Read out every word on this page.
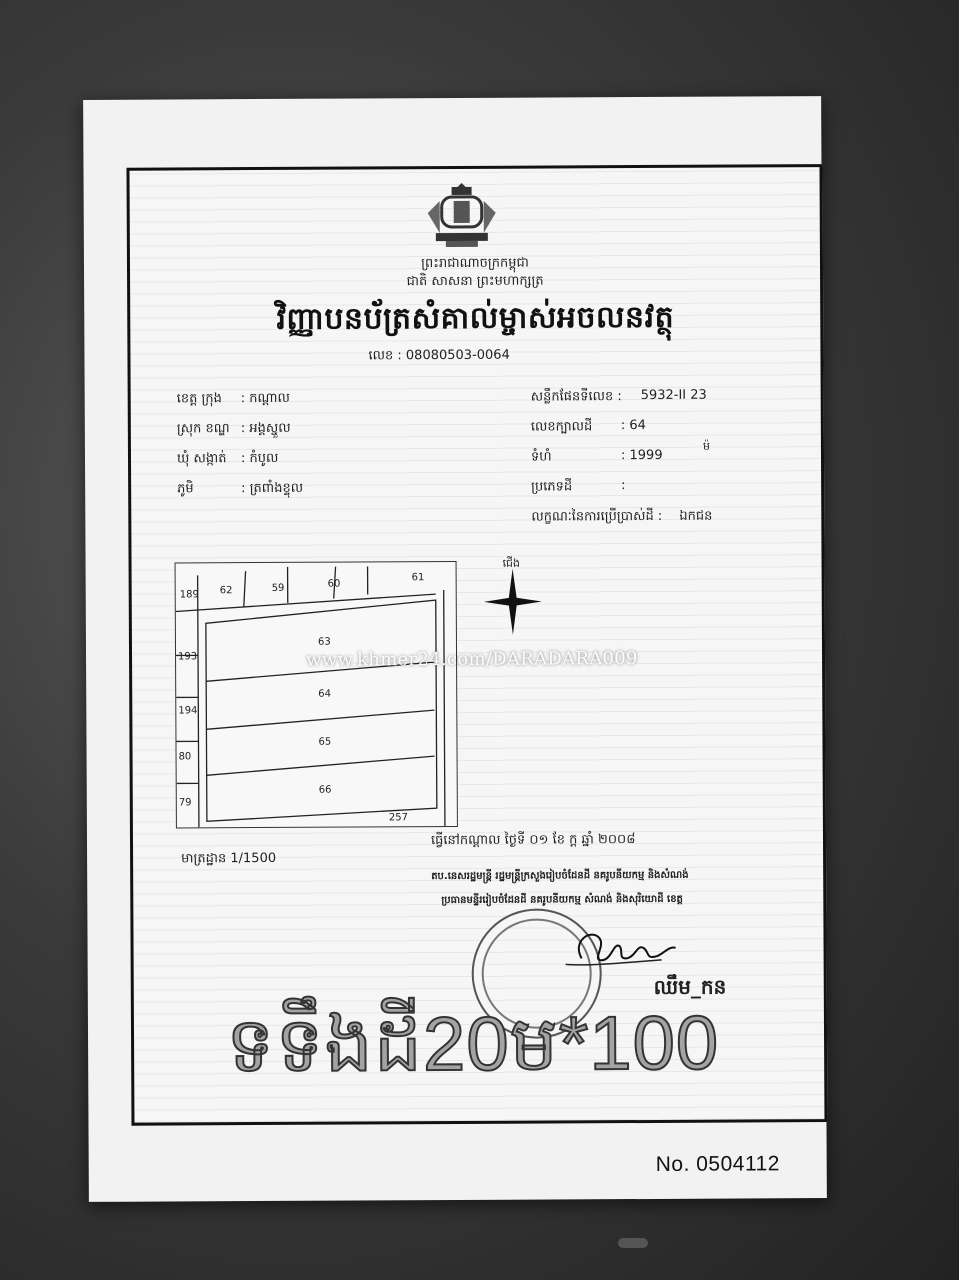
ព្រះរាជាណាចក្រកម្ពុជា
ជាតិ សាសនា ព្រះមហាក្សត្រ
វិញ្ញាបនប័ត្រសំគាល់ម្ចាស់អចលនវត្ថុ
លេខ : 08080503-0064
ខេត្ត ក្រុង : កណ្ដាល
ស្រុក ខណ្ឌ : អង្គស្នួល
ឃុំ សង្កាត់ : កំបូល
ភូមិ	: ត្រពាំងខ្ទុល
សន្លឹកផែនទីលេខ : 5932-II 23
លេខក្បាលដី : 64
ទំហំ	: 1999
ម៉
ប្រភេទដី	:
លក្ខណៈនៃការប្រើប្រាស់ដី : ឯកជន
189 62	59	60
61
193
63
194
64
80
65
79
66
257
ជើង
www.khmer24.com/DARADARA009
មាត្រដ្ឋាន 1/1500
ធ្វើនៅកណ្ដាល ថ្ងៃទី ០១ ខែ ក្ដ ឆ្នាំ ២០០៨
តប.នេសរដ្ឋមន្ត្រី រដ្ឋមន្ត្រីក្រសួងរៀបចំដែនដី នគរូបនីយកម្ម និងសំណង់
ប្រធានមន្ទីររៀបចំដែនដី នគរូបនីយកម្ម សំណង់ និងសុរិយោដី ខេត្ត
ឈឹម_កន
ទទឹងដី20ម*100
No. 0504112
